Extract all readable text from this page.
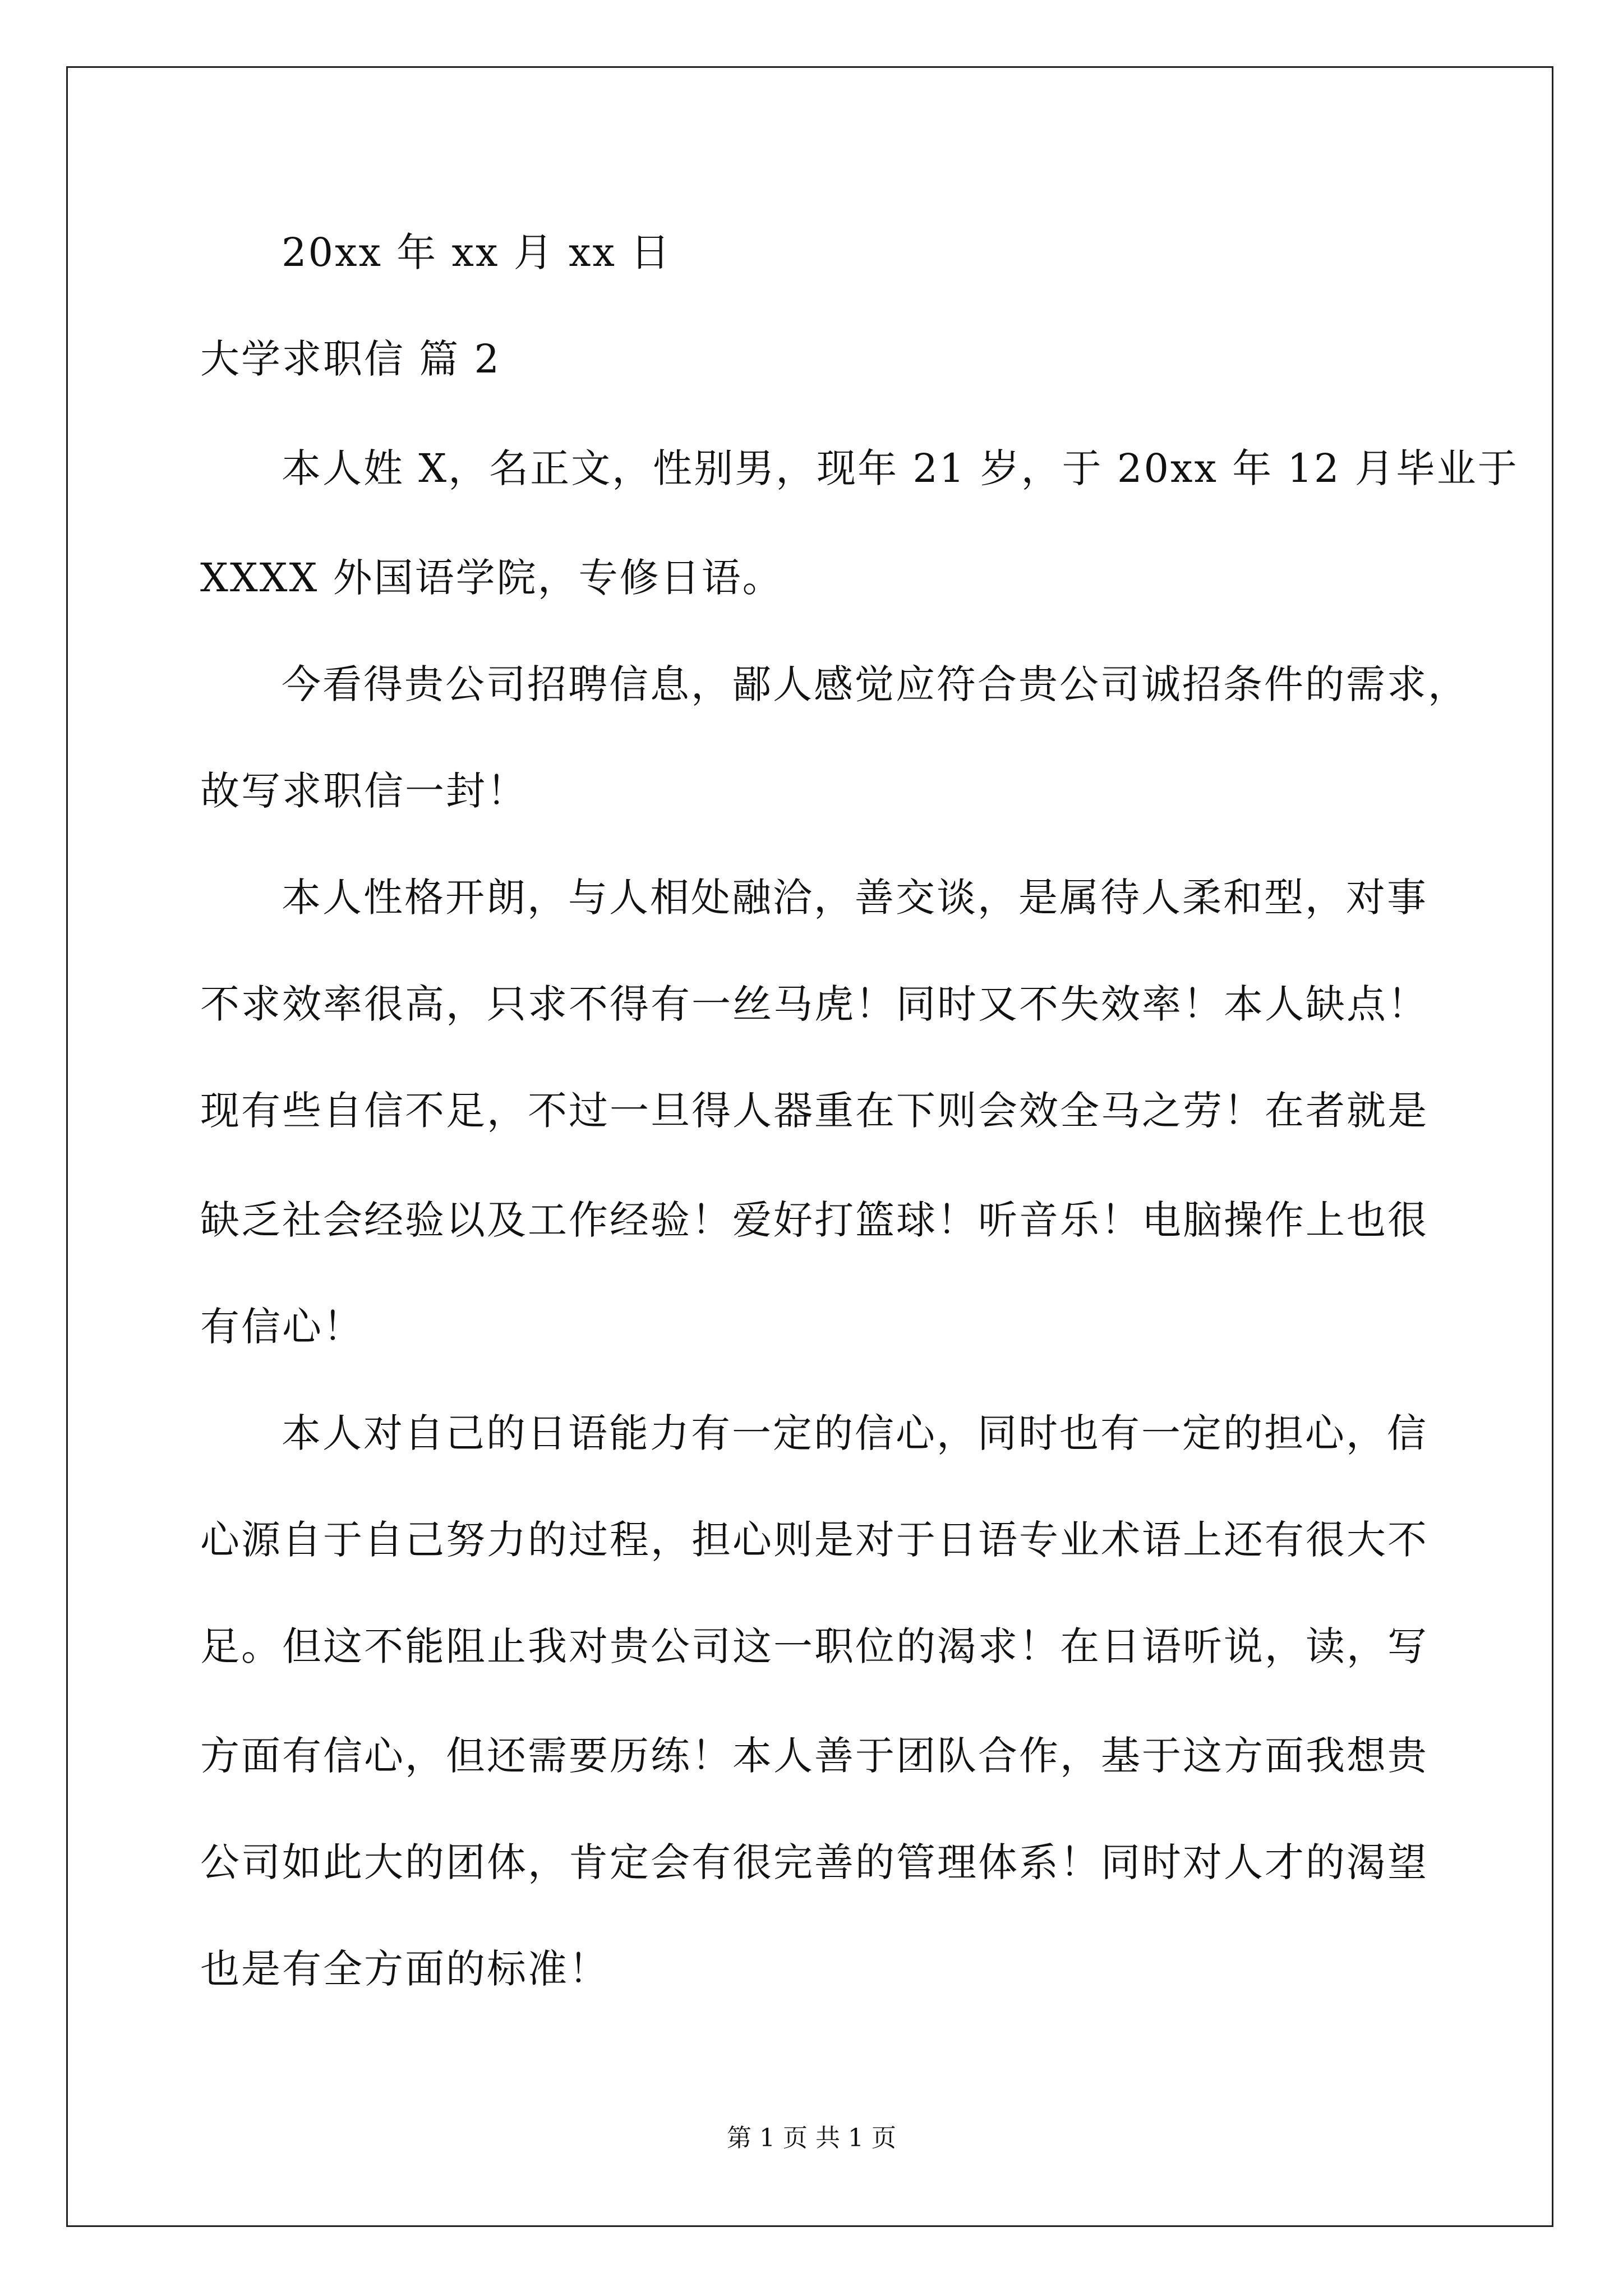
20xx 年 xx 月 xx 日
大学求职信 篇 2
本人姓 X，名正文，性别男，现年 21 岁，于 20xx 年 12 月毕业于
XXXX 外国语学院，专修日语。
今看得贵公司招聘信息，鄙人感觉应符合贵公司诚招条件的需求，
故写求职信一封！
本人性格开朗，与人相处融洽，善交谈，是属待人柔和型，对事
不求效率很高，只求不得有一丝马虎！同时又不失效率！本人缺点！
现有些自信不足，不过一旦得人器重在下则会效全马之劳！在者就是
缺乏社会经验以及工作经验！爱好打篮球！听音乐！电脑操作上也很
有信心！
本人对自己的日语能力有一定的信心，同时也有一定的担心，信
心源自于自己努力的过程，担心则是对于日语专业术语上还有很大不
足。但这不能阻止我对贵公司这一职位的渴求！在日语听说，读，写
方面有信心，但还需要历练！本人善于团队合作，基于这方面我想贵
公司如此大的团体，肯定会有很完善的管理体系！同时对人才的渴望
也是有全方面的标准！
第 1 页 共 1 页
